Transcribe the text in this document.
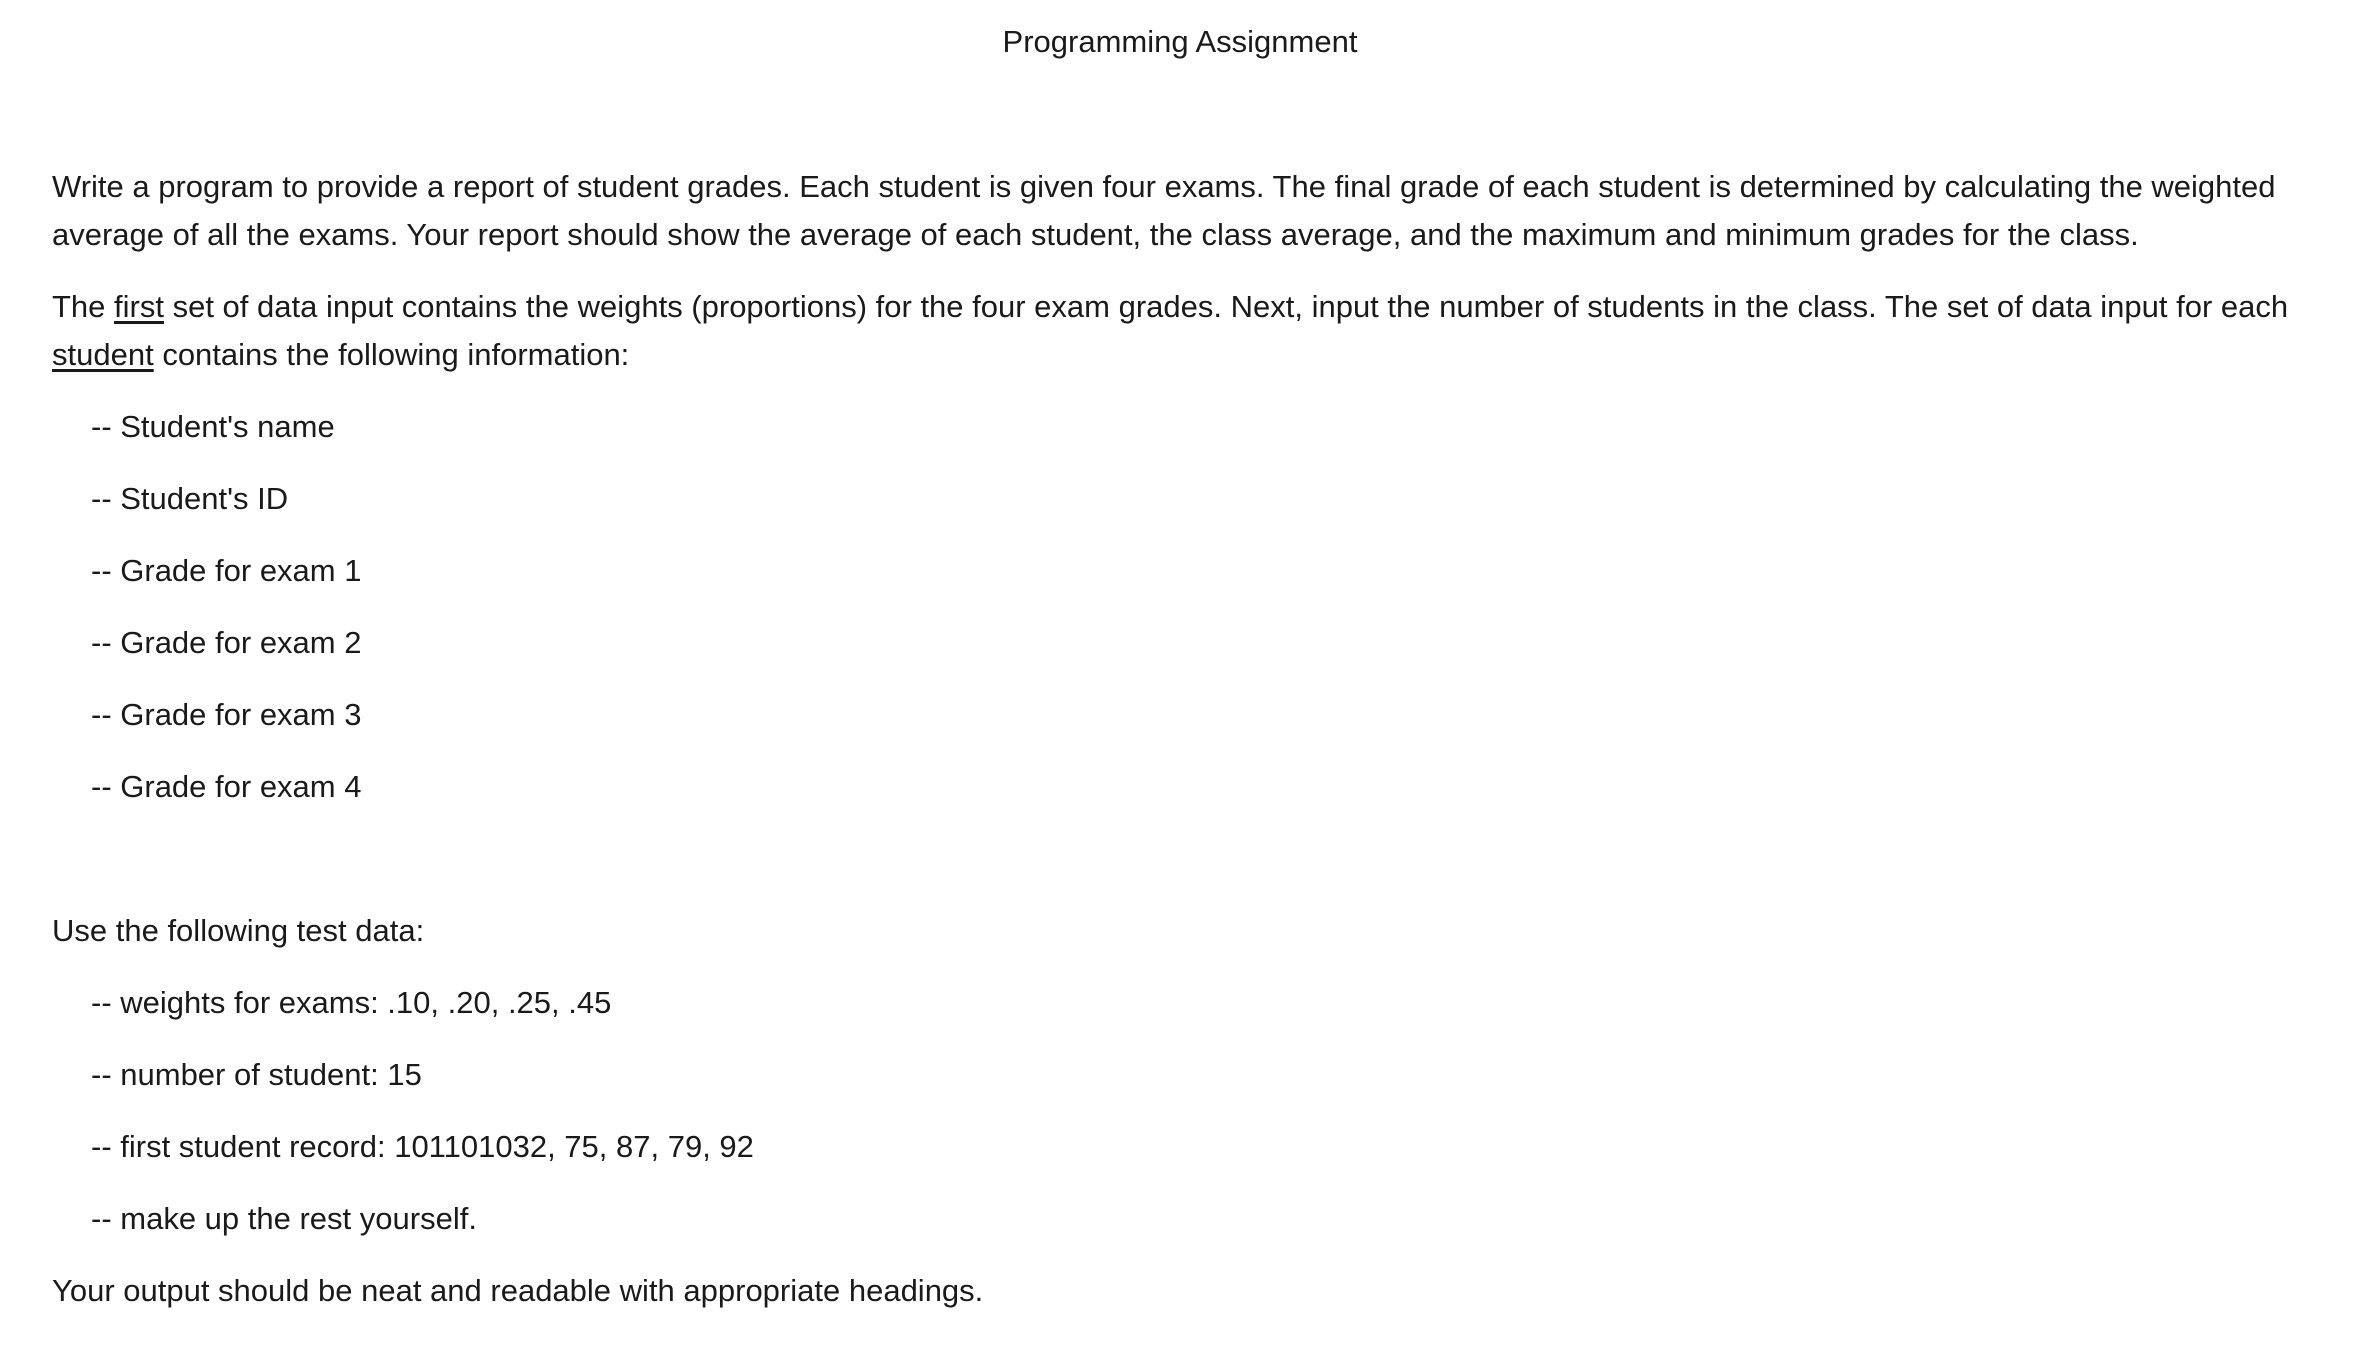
Programming Assignment

Write a program to provide a report of student grades. Each student is given four exams. The final grade of each student is determined by calculating the weighted average of all the exams. Your report should show the average of each student, the class average, and the maximum and minimum grades for the class.

The first set of data input contains the weights (proportions) for the four exam grades. Next, input the number of students in the class. The set of data input for each student contains the following information:

-- Student's name

-- Student's ID

-- Grade for exam 1

-- Grade for exam 2

-- Grade for exam 3

-- Grade for exam 4

Use the following test data:

-- weights for exams: .10, .20, .25, .45

-- number of student: 15

-- first student record: 101101032, 75, 87, 79, 92

-- make up the rest yourself.

Your output should be neat and readable with appropriate headings.
